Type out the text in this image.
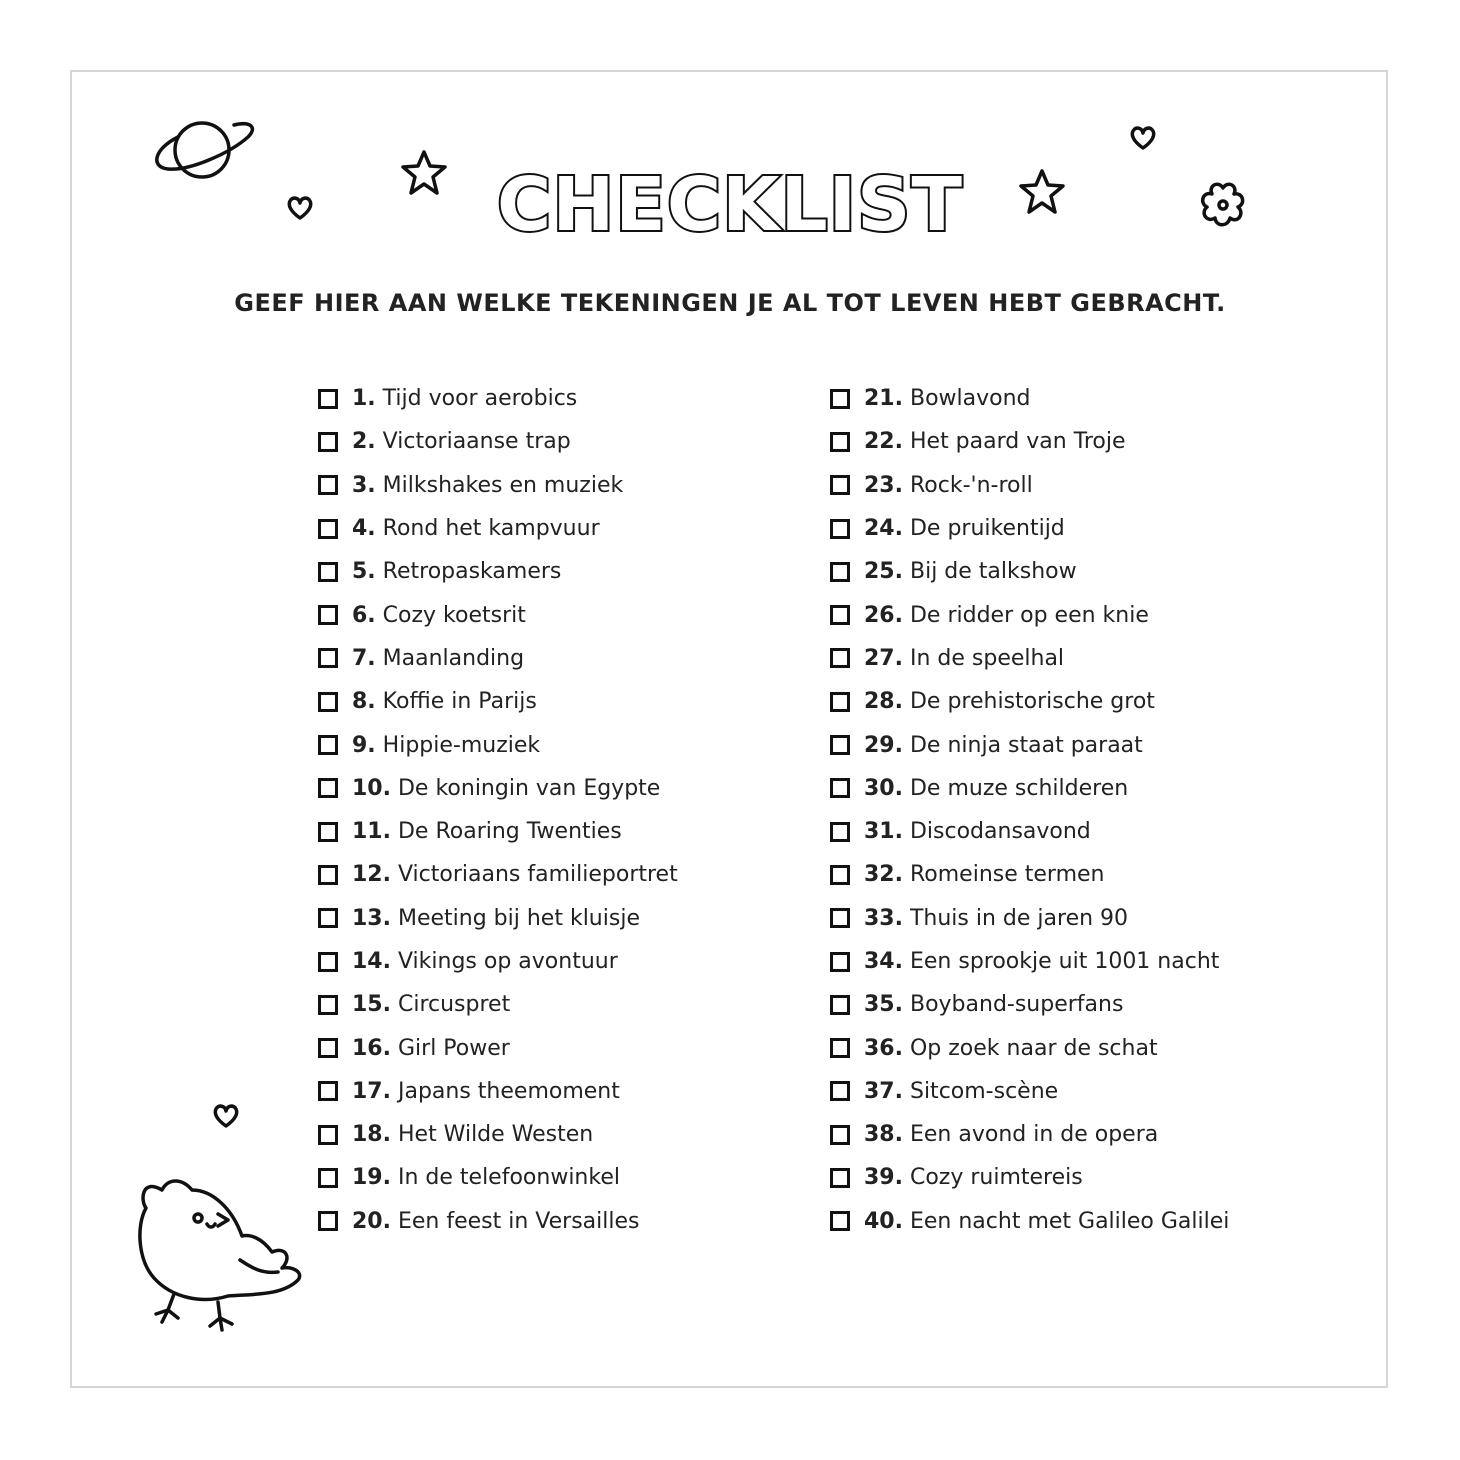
CHECKLIST
GEEF HIER AAN WELKE TEKENINGEN JE AL TOT LEVEN HEBT GEBRACHT.
1. Tijd voor aerobics
2. Victoriaanse trap
3. Milkshakes en muziek
4. Rond het kampvuur
5. Retropaskamers
6. Cozy koetsrit
7. Maanlanding
8. Koffie in Parijs
9. Hippie-muziek
10. De koningin van Egypte
11. De Roaring Twenties
12. Victoriaans familieportret
13. Meeting bij het kluisje
14. Vikings op avontuur
15. Circuspret
16. Girl Power
17. Japans theemoment
18. Het Wilde Westen
19. In de telefoonwinkel
20. Een feest in Versailles
21. Bowlavond
22. Het paard van Troje
23. Rock-'n-roll
24. De pruikentijd
25. Bij de talkshow
26. De ridder op een knie
27. In de speelhal
28. De prehistorische grot
29. De ninja staat paraat
30. De muze schilderen
31. Discodansavond
32. Romeinse termen
33. Thuis in de jaren 90
34. Een sprookje uit 1001 nacht
35. Boyband-superfans
36. Op zoek naar de schat
37. Sitcom-scène
38. Een avond in de opera
39. Cozy ruimtereis
40. Een nacht met Galileo Galilei
